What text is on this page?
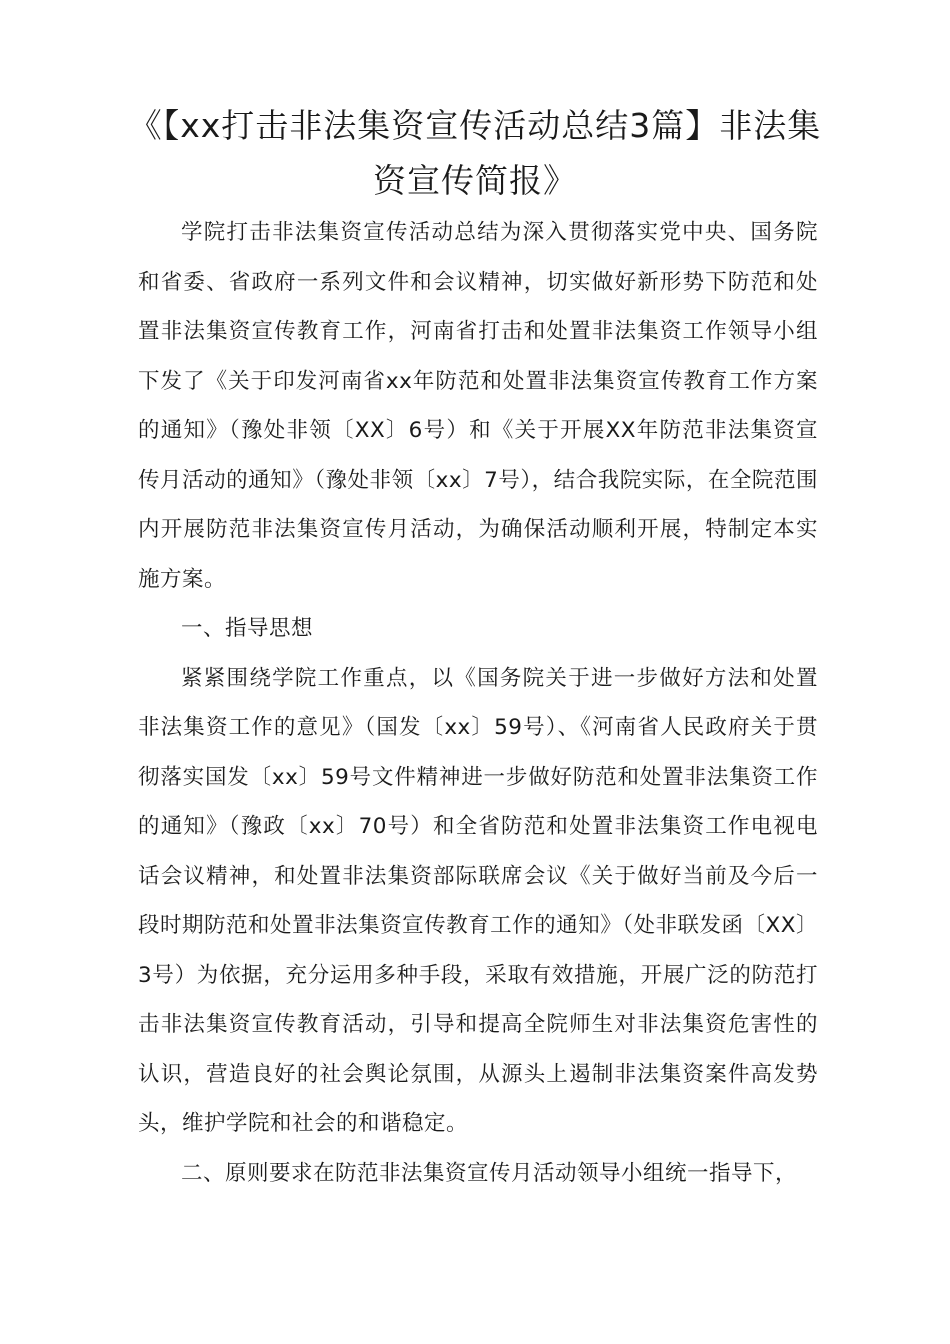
《【xx打击非法集资宣传活动总结3篇】非法集资宣传简报》

学院打击非法集资宣传活动总结为深入贯彻落实党中央、国务院和省委、省政府一系列文件和会议精神，切实做好新形势下防范和处置非法集资宣传教育工作，河南省打击和处置非法集资工作领导小组下发了《关于印发河南省xx年防范和处置非法集资宣传教育工作方案的通知》（豫处非领〔XX〕6号）和《关于开展XX年防范非法集资宣传月活动的通知》（豫处非领〔xx〕7号），结合我院实际，在全院范围内开展防范非法集资宣传月活动，为确保活动顺利开展，特制定本实施方案。

一、指导思想

紧紧围绕学院工作重点，以《国务院关于进一步做好方法和处置非法集资工作的意见》（国发〔xx〕59号）、《河南省人民政府关于贯彻落实国发〔xx〕59号文件精神进一步做好防范和处置非法集资工作的通知》（豫政〔xx〕70号）和全省防范和处置非法集资工作电视电话会议精神，和处置非法集资部际联席会议《关于做好当前及今后一段时期防范和处置非法集资宣传教育工作的通知》（处非联发函〔XX〕3号）为依据，充分运用多种手段，采取有效措施，开展广泛的防范打击非法集资宣传教育活动，引导和提高全院师生对非法集资危害性的认识，营造良好的社会舆论氛围，从源头上遏制非法集资案件高发势头，维护学院和社会的和谐稳定。

二、原则要求在防范非法集资宣传月活动领导小组统一指导下，
